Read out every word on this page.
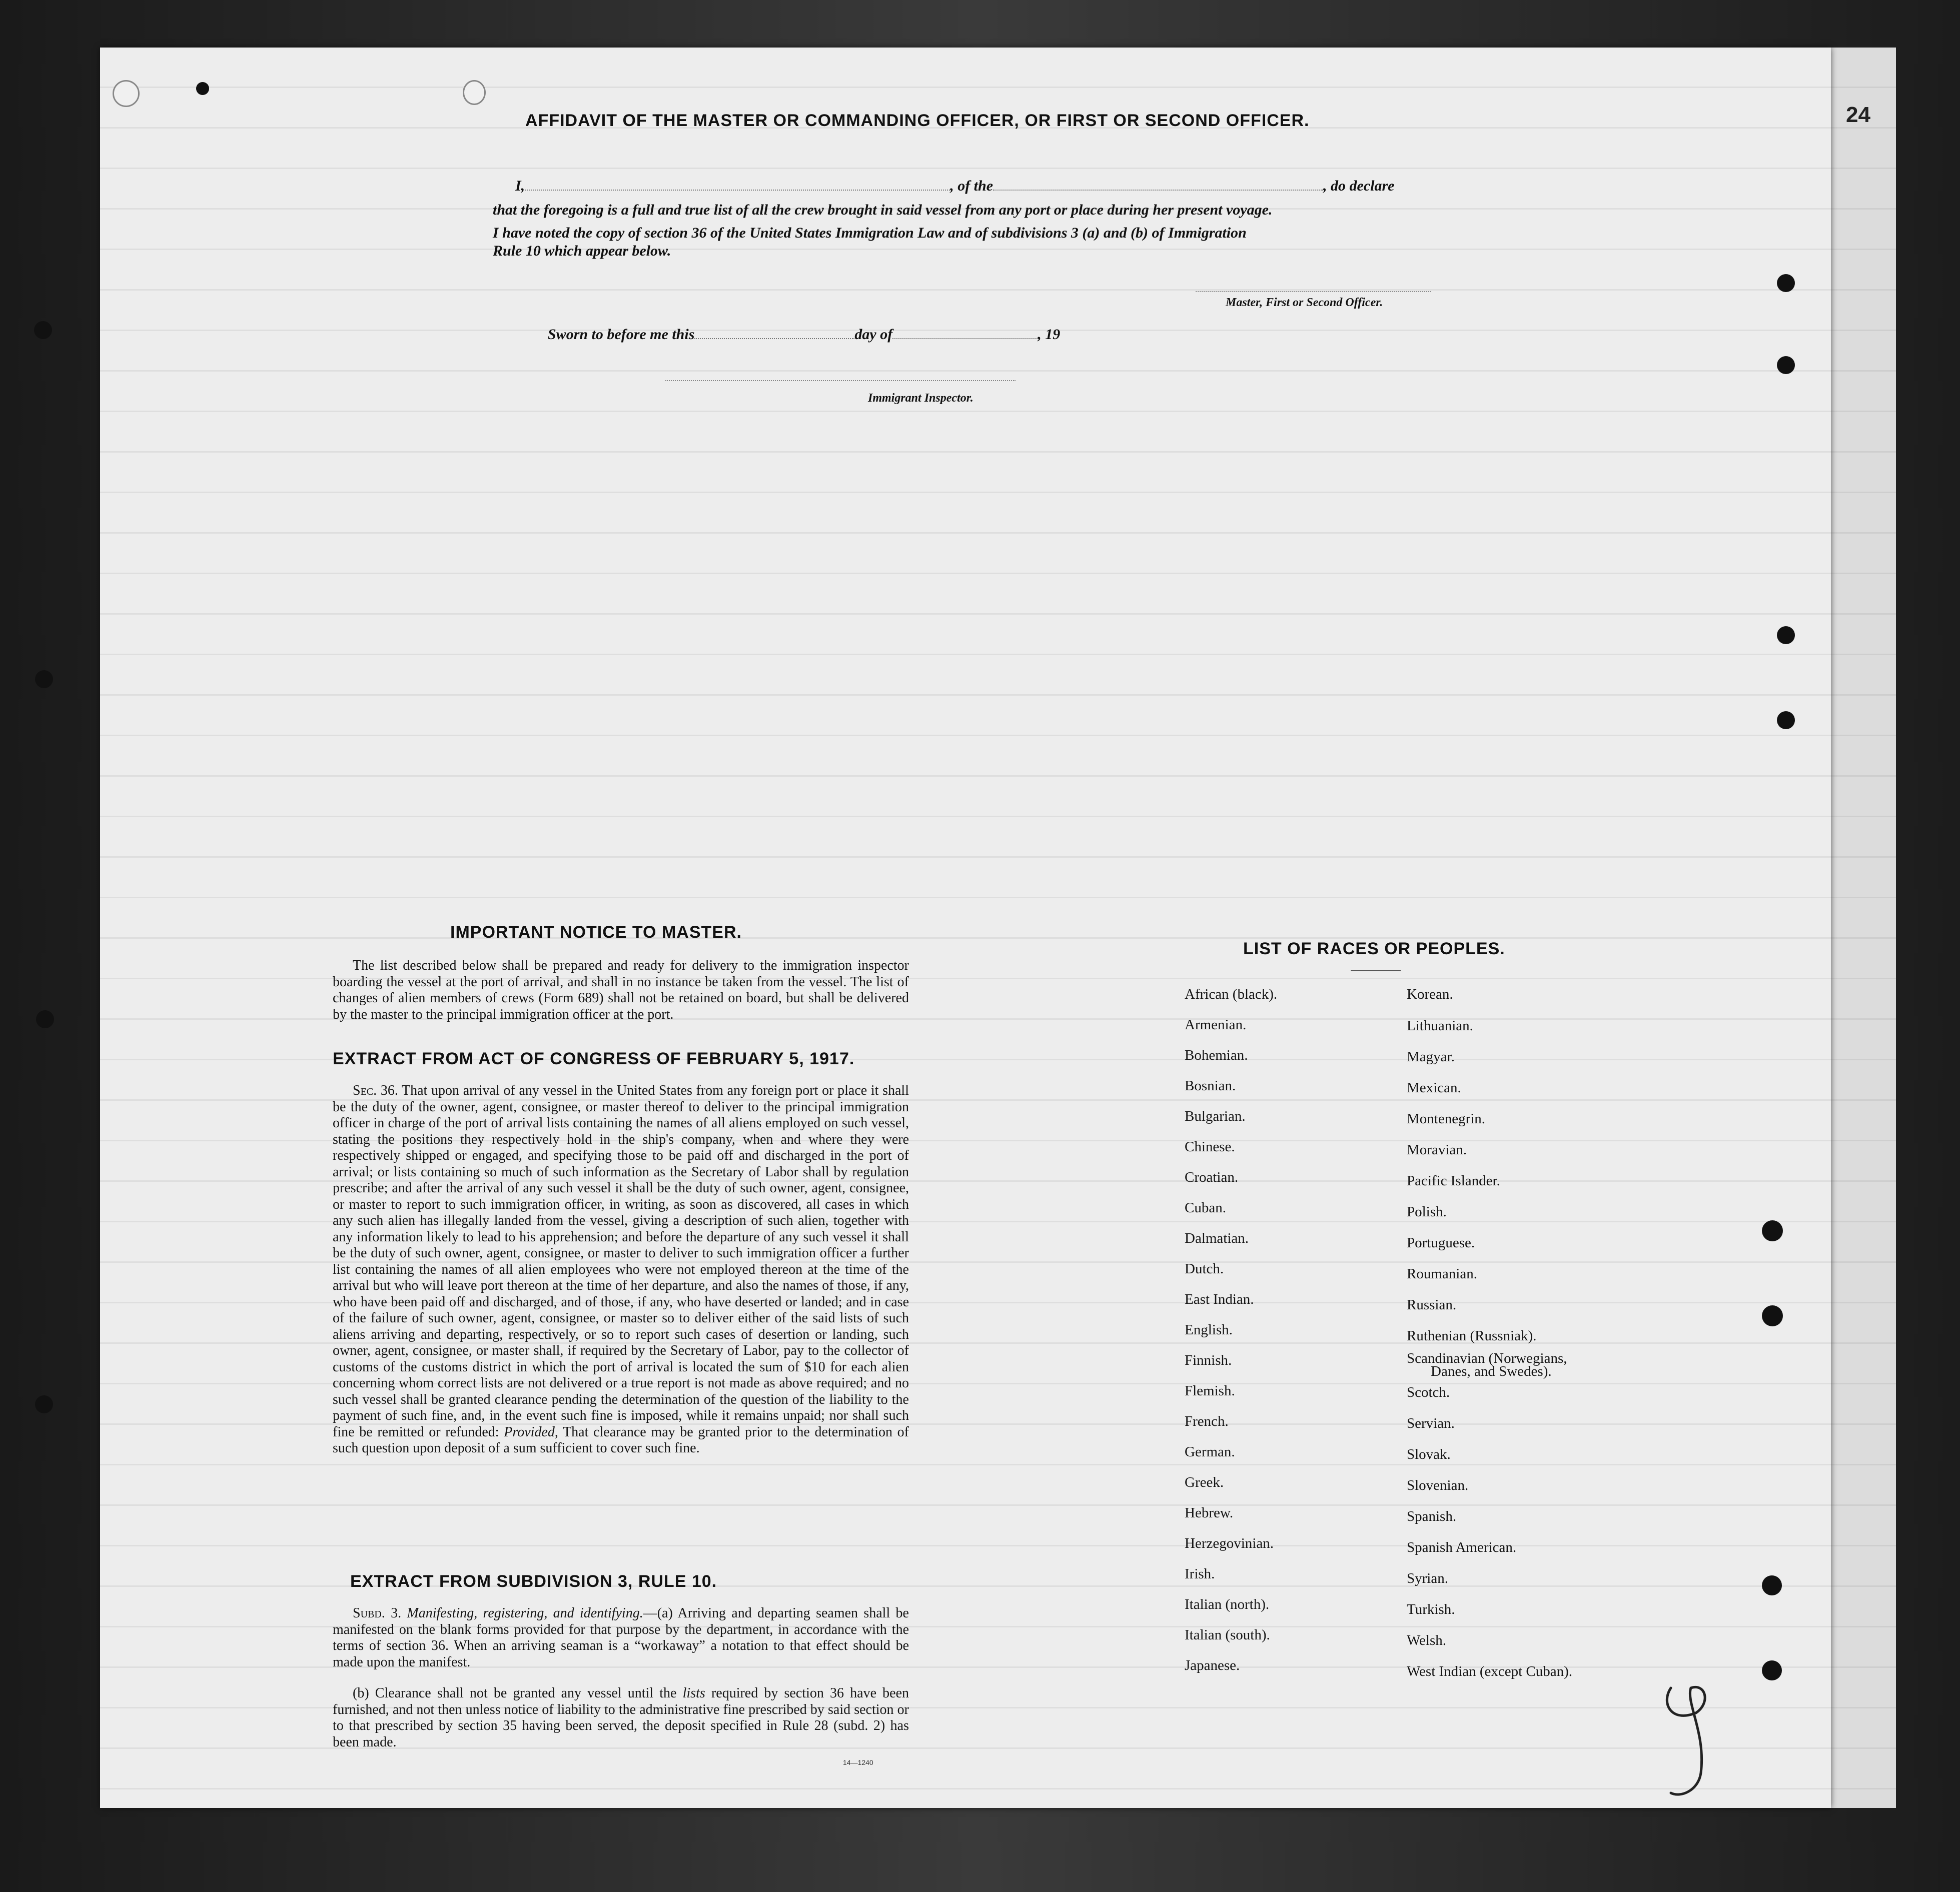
24
AFFIDAVIT OF THE MASTER OR COMMANDING OFFICER, OR FIRST OR SECOND OFFICER.
I,	, of the	, do declare
that the foregoing is a full and true list of all the crew brought in said vessel from any port or place during her present voyage.
I have noted the copy of section 36 of the United States Immigration Law and of subdivisions 3 (a) and (b) of Immigration
Rule 10 which appear below.
Master, First or Second Officer.
Sworn to before me this	day of	, 19
Immigrant Inspector.
IMPORTANT NOTICE TO MASTER.
The list described below shall be prepared and ready for delivery to the immigration inspector boarding the vessel at the port of arrival, and shall in no instance be taken from the vessel. The list of changes of alien members of crews (Form 689) shall not be retained on board, but shall be delivered by the master to the principal immigration officer at the port.
EXTRACT FROM ACT OF CONGRESS OF FEBRUARY 5, 1917.
Sec. 36. That upon arrival of any vessel in the United States from any foreign port or place it shall be the duty of the owner, agent, consignee, or master thereof to deliver to the principal immigration officer in charge of the port of arrival lists containing the names of all aliens employed on such vessel, stating the positions they respectively hold in the ship's company, when and where they were respectively shipped or engaged, and specifying those to be paid off and discharged in the port of arrival; or lists containing so much of such information as the Secretary of Labor shall by regulation prescribe; and after the arrival of any such vessel it shall be the duty of such owner, agent, consignee, or master to report to such immigration officer, in writing, as soon as discovered, all cases in which any such alien has illegally landed from the vessel, giving a description of such alien, together with any information likely to lead to his apprehension; and before the departure of any such vessel it shall be the duty of such owner, agent, consignee, or master to deliver to such immigration officer a further list containing the names of all alien employees who were not employed thereon at the time of the arrival but who will leave port thereon at the time of her departure, and also the names of those, if any, who have been paid off and discharged, and of those, if any, who have deserted or landed; and in case of the failure of such owner, agent, consignee, or master so to deliver either of the said lists of such aliens arriving and departing, respectively, or so to report such cases of desertion or landing, such owner, agent, consignee, or master shall, if required by the Secretary of Labor, pay to the collector of customs of the customs district in which the port of arrival is located the sum of $10 for each alien concerning whom correct lists are not delivered or a true report is not made as above required; and no such vessel shall be granted clearance pending the determination of the question of the liability to the payment of such fine, and, in the event such fine is imposed, while it remains unpaid; nor shall such fine be remitted or refunded: Provided, That clearance may be granted prior to the determination of such question upon deposit of a sum sufficient to cover such fine.
EXTRACT FROM SUBDIVISION 3, RULE 10.
Subd. 3. Manifesting, registering, and identifying.—(a) Arriving and departing seamen shall be manifested on the blank forms provided for that purpose by the department, in accordance with the terms of section 36. When an arriving seaman is a “workaway” a notation to that effect should be made upon the manifest.
(b) Clearance shall not be granted any vessel until the lists required by section 36 have been furnished, and not then unless notice of liability to the administrative fine prescribed by said section or to that prescribed by section 35 having been served, the deposit specified in Rule 28 (subd. 2) has been made.
14—1240
LIST OF RACES OR PEOPLES.
African (black).
Armenian.
Bohemian.
Bosnian.
Bulgarian.
Chinese.
Croatian.
Cuban.
Dalmatian.
Dutch.
East Indian.
English.
Finnish.
Flemish.
French.
German.
Greek.
Hebrew.
Herzegovinian.
Irish.
Italian (north).
Italian (south).
Japanese.
Korean.
Lithuanian.
Magyar.
Mexican.
Montenegrin.
Moravian.
Pacific Islander.
Polish.
Portuguese.
Roumanian.
Russian.
Ruthenian (Russniak).
Scandinavian (Norwegians,
Danes, and Swedes).
Scotch.
Servian.
Slovak.
Slovenian.
Spanish.
Spanish American.
Syrian.
Turkish.
Welsh.
West Indian (except Cuban).
